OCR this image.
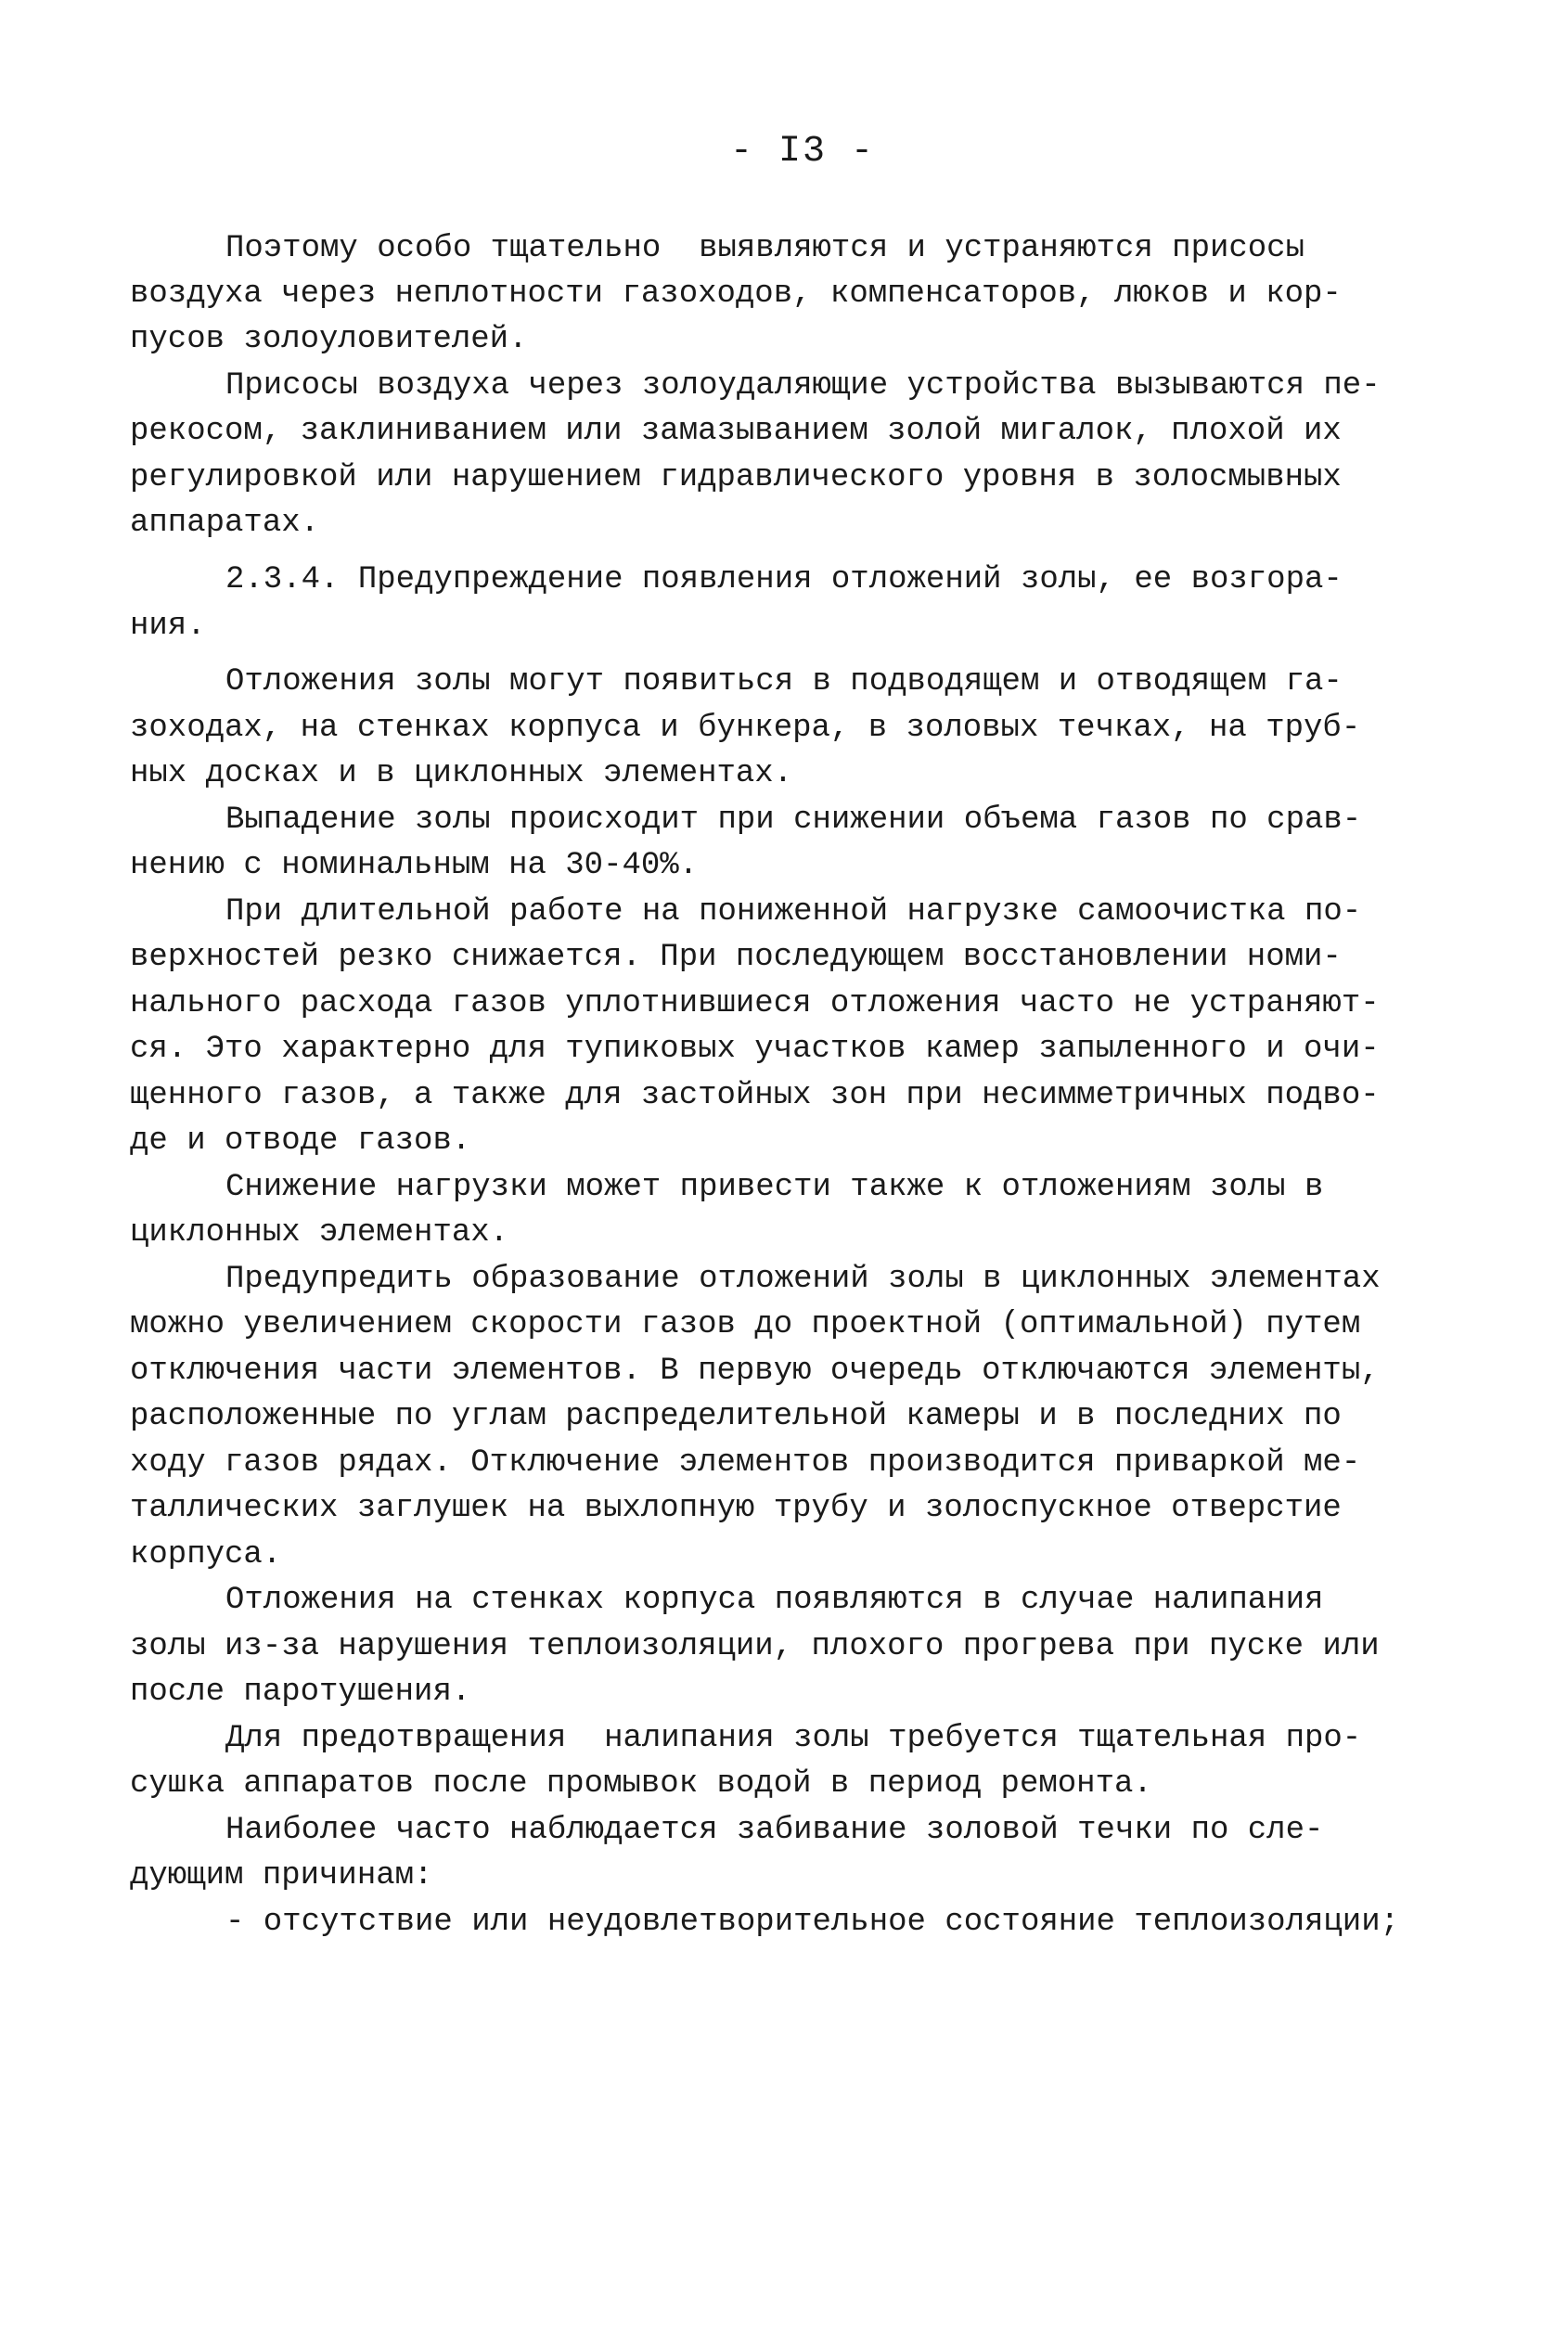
- I3 -
Поэтому особо тщательно  выявляются и устраняются присосы
воздуха через неплотности газоходов, компенсаторов, люков и кор-
пусов золоуловителей.
Присосы воздуха через золоудаляющие устройства вызываются пе-
рекосом, заклиниванием или замазыванием золой мигалок, плохой их
регулировкой или нарушением гидравлического уровня в золосмывных
аппаратах.
2.3.4. Предупреждение появления отложений золы, ее возгора-
ния.
Отложения золы могут появиться в подводящем и отводящем га-
зоходах, на стенках корпуса и бункера, в золовых течках, на труб-
ных досках и в циклонных элементах.
Выпадение золы происходит при снижении объема газов по срав-
нению с номинальным на 30-40%.
При длительной работе на пониженной нагрузке самоочистка по-
верхностей резко снижается. При последующем восстановлении номи-
нального расхода газов уплотнившиеся отложения часто не устраняют-
ся. Это характерно для тупиковых участков камер запыленного и очи-
щенного газов, а также для застойных зон при несимметричных подво-
де и отводе газов.
Снижение нагрузки может привести также к отложениям золы в
циклонных элементах.
Предупредить образование отложений золы в циклонных элементах
можно увеличением скорости газов до проектной (оптимальной) путем
отключения части элементов. В первую очередь отключаются элементы,
расположенные по углам распределительной камеры и в последних по
ходу газов рядах. Отключение элементов производится приваркой ме-
таллических заглушек на выхлопную трубу и золоспускное отверстие
корпуса.
Отложения на стенках корпуса появляются в случае налипания
золы из-за нарушения теплоизоляции, плохого прогрева при пуске или
после паротушения.
Для предотвращения  налипания золы требуется тщательная про-
сушка аппаратов после промывок водой в период ремонта.
Наиболее часто наблюдается забивание золовой течки по сле-
дующим причинам:
- отсутствие или неудовлетворительное состояние теплоизоляции;
